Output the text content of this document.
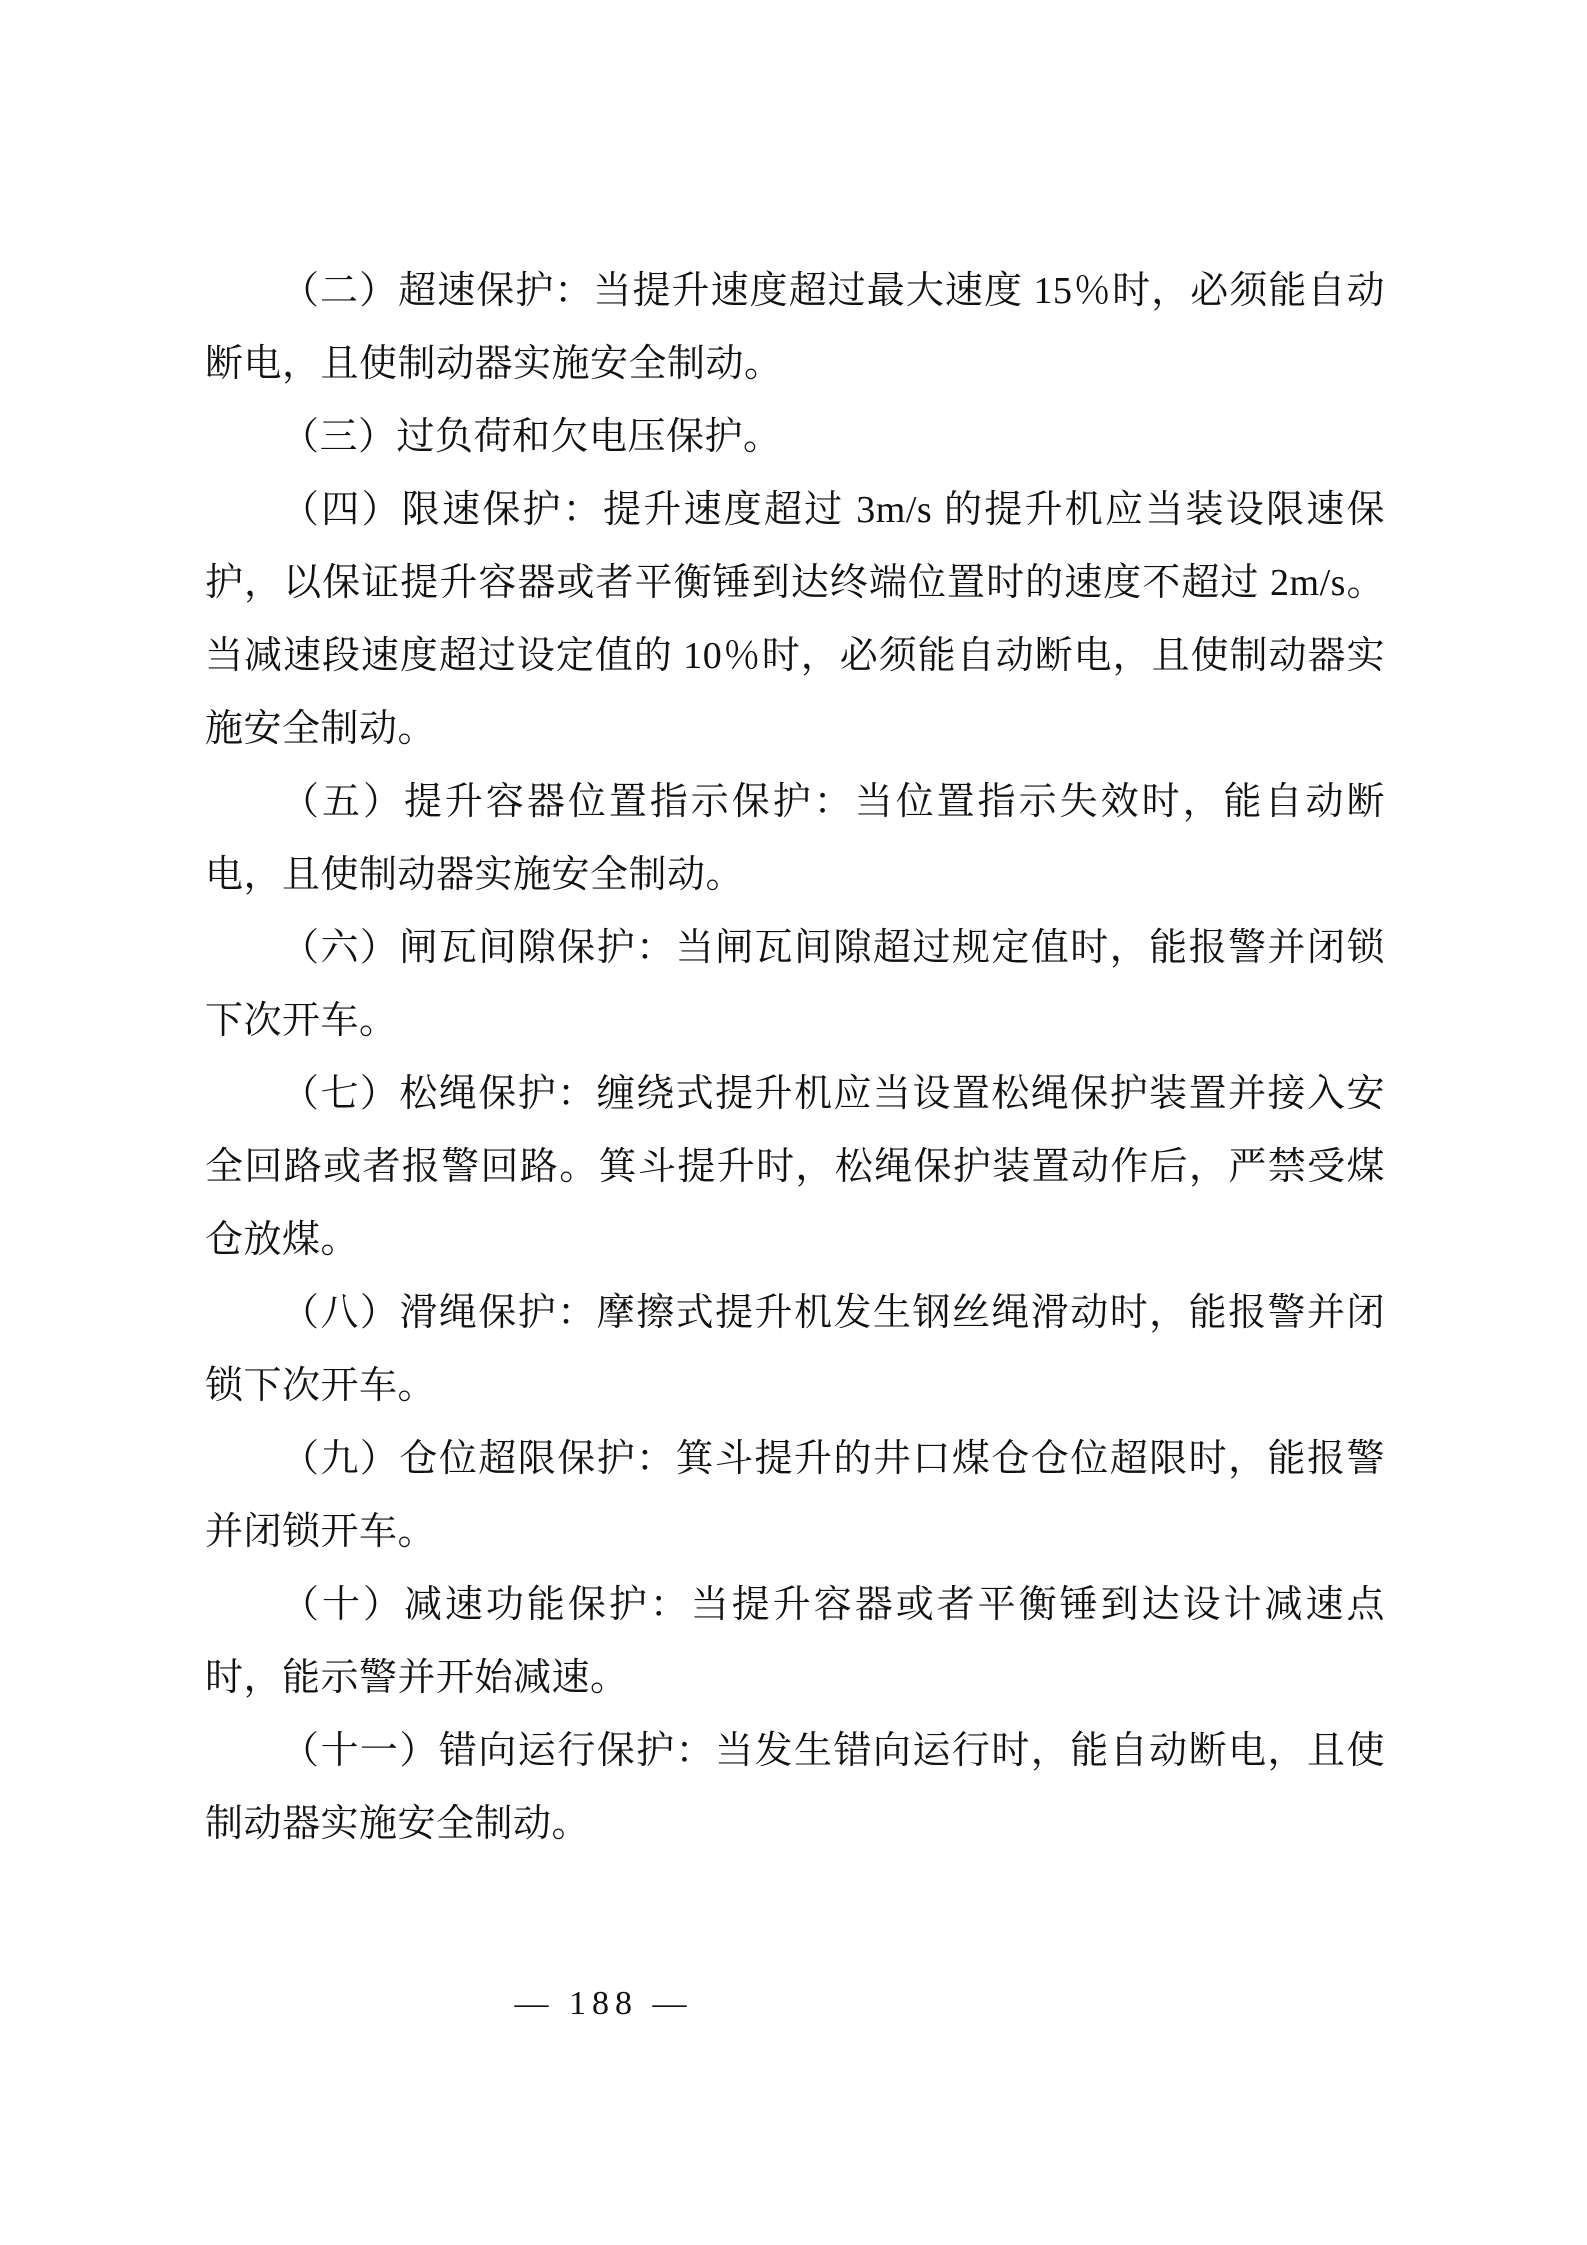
（二）超速保护：当提升速度超过最大速度 15％时，必须能自动断电，且使制动器实施安全制动。

（三）过负荷和欠电压保护。

（四）限速保护：提升速度超过 3m/s 的提升机应当装设限速保护，以保证提升容器或者平衡锤到达终端位置时的速度不超过 2m/s。当减速段速度超过设定值的 10％时，必须能自动断电，且使制动器实施安全制动。

（五）提升容器位置指示保护：当位置指示失效时，能自动断电，且使制动器实施安全制动。

（六）闸瓦间隙保护：当闸瓦间隙超过规定值时，能报警并闭锁下次开车。

（七）松绳保护：缠绕式提升机应当设置松绳保护装置并接入安全回路或者报警回路。箕斗提升时，松绳保护装置动作后，严禁受煤仓放煤。

（八）滑绳保护：摩擦式提升机发生钢丝绳滑动时，能报警并闭锁下次开车。

（九）仓位超限保护：箕斗提升的井口煤仓仓位超限时，能报警并闭锁开车。

（十）减速功能保护：当提升容器或者平衡锤到达设计减速点时，能示警并开始减速。

（十一）错向运行保护：当发生错向运行时，能自动断电，且使制动器实施安全制动。

— 188 —
